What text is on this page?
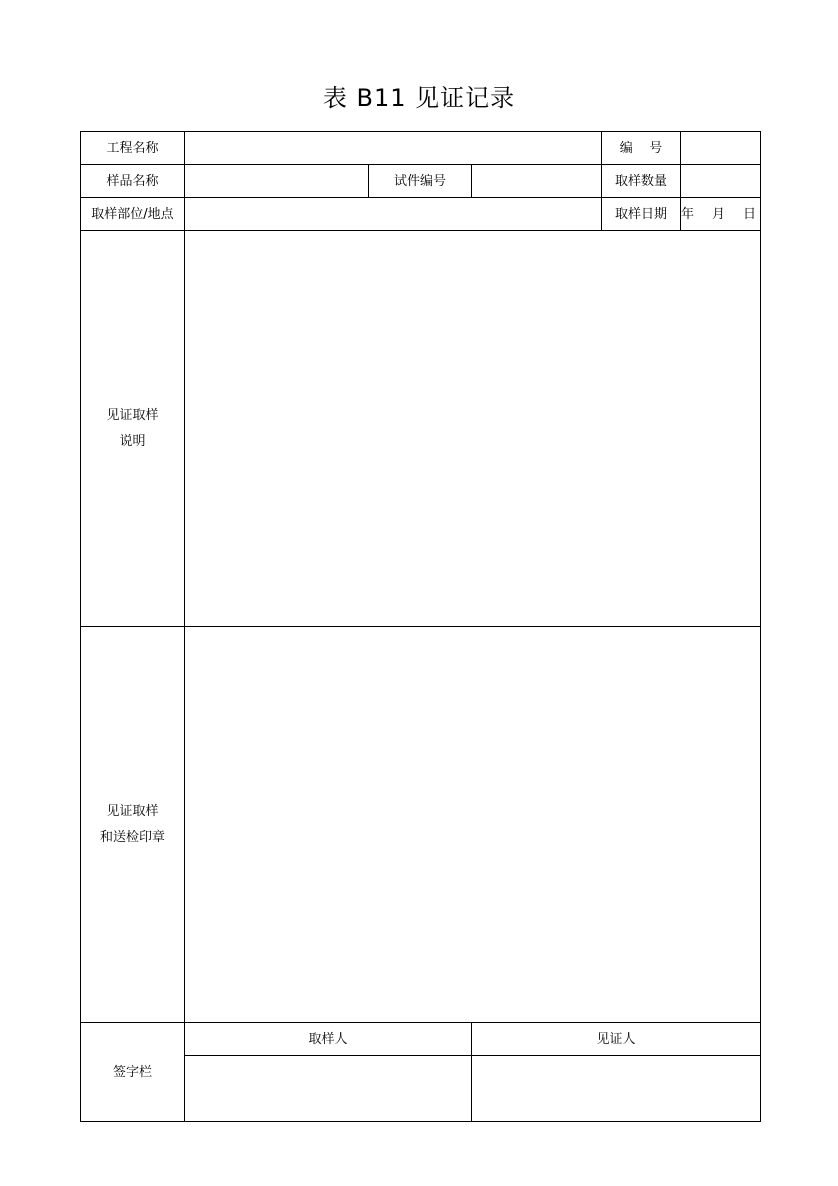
表 B11 见证记录
工程名称				编    号	
样品名称		试件编号		取样数量	
取样部位/地点				取样日期	年 月 日

见证取样
说明					

见证取样
和送检印章					

签字栏	取样人		见证人		
